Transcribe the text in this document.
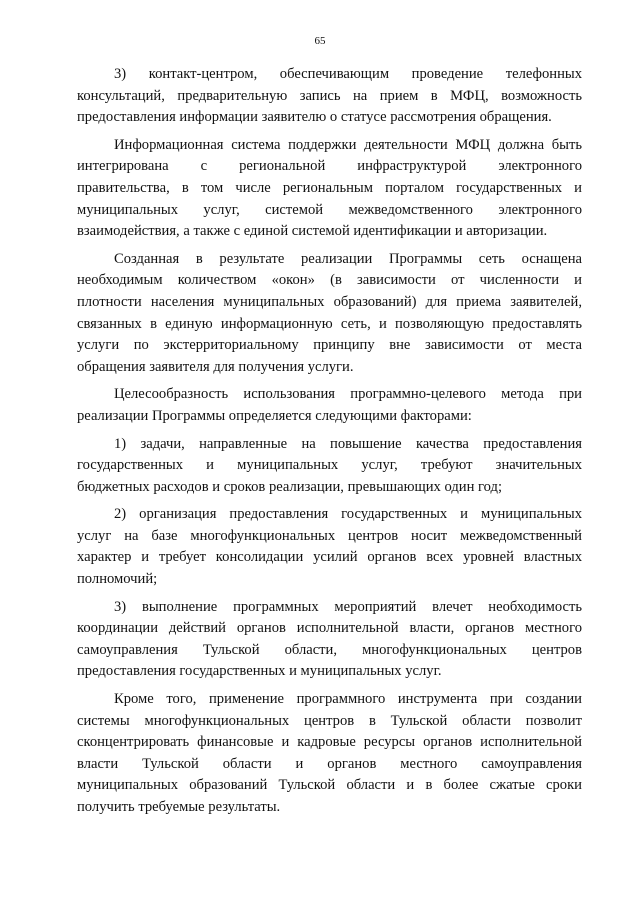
65

3) контакт-центром, обеспечивающим проведение телефонных
консультаций, предварительную запись на прием в МФЦ, возможность
предоставления информации заявителю о статусе рассмотрения обращения.

Информационная система поддержки деятельности МФЦ должна быть
интегрирована с региональной инфраструктурой электронного
правительства, в том числе региональным порталом государственных и
муниципальных услуг, системой межведомственного электронного
взаимодействия, а также с единой системой идентификации и авторизации.

Созданная в результате реализации Программы сеть оснащена
необходимым количеством «окон» (в зависимости от численности и
плотности населения муниципальных образований) для приема заявителей,
связанных в единую информационную сеть, и позволяющую предоставлять
услуги по экстерриториальному принципу вне зависимости от места
обращения заявителя для получения услуги.

Целесообразность использования программно-целевого метода при
реализации Программы определяется следующими факторами:

1) задачи, направленные на повышение качества предоставления
государственных и муниципальных услуг, требуют значительных
бюджетных расходов и сроков реализации, превышающих один год;

2) организация предоставления государственных и муниципальных
услуг на базе многофункциональных центров носит межведомственный
характер и требует консолидации усилий органов всех уровней властных
полномочий;

3) выполнение программных мероприятий влечет необходимость
координации действий органов исполнительной власти, органов местного
самоуправления Тульской области, многофункциональных центров
предоставления государственных и муниципальных услуг.

Кроме того, применение программного инструмента при создании
системы многофункциональных центров в Тульской области позволит
сконцентрировать финансовые и кадровые ресурсы органов исполнительной
власти Тульской области и органов местного самоуправления
муниципальных образований Тульской области и в более сжатые сроки
получить требуемые результаты.
